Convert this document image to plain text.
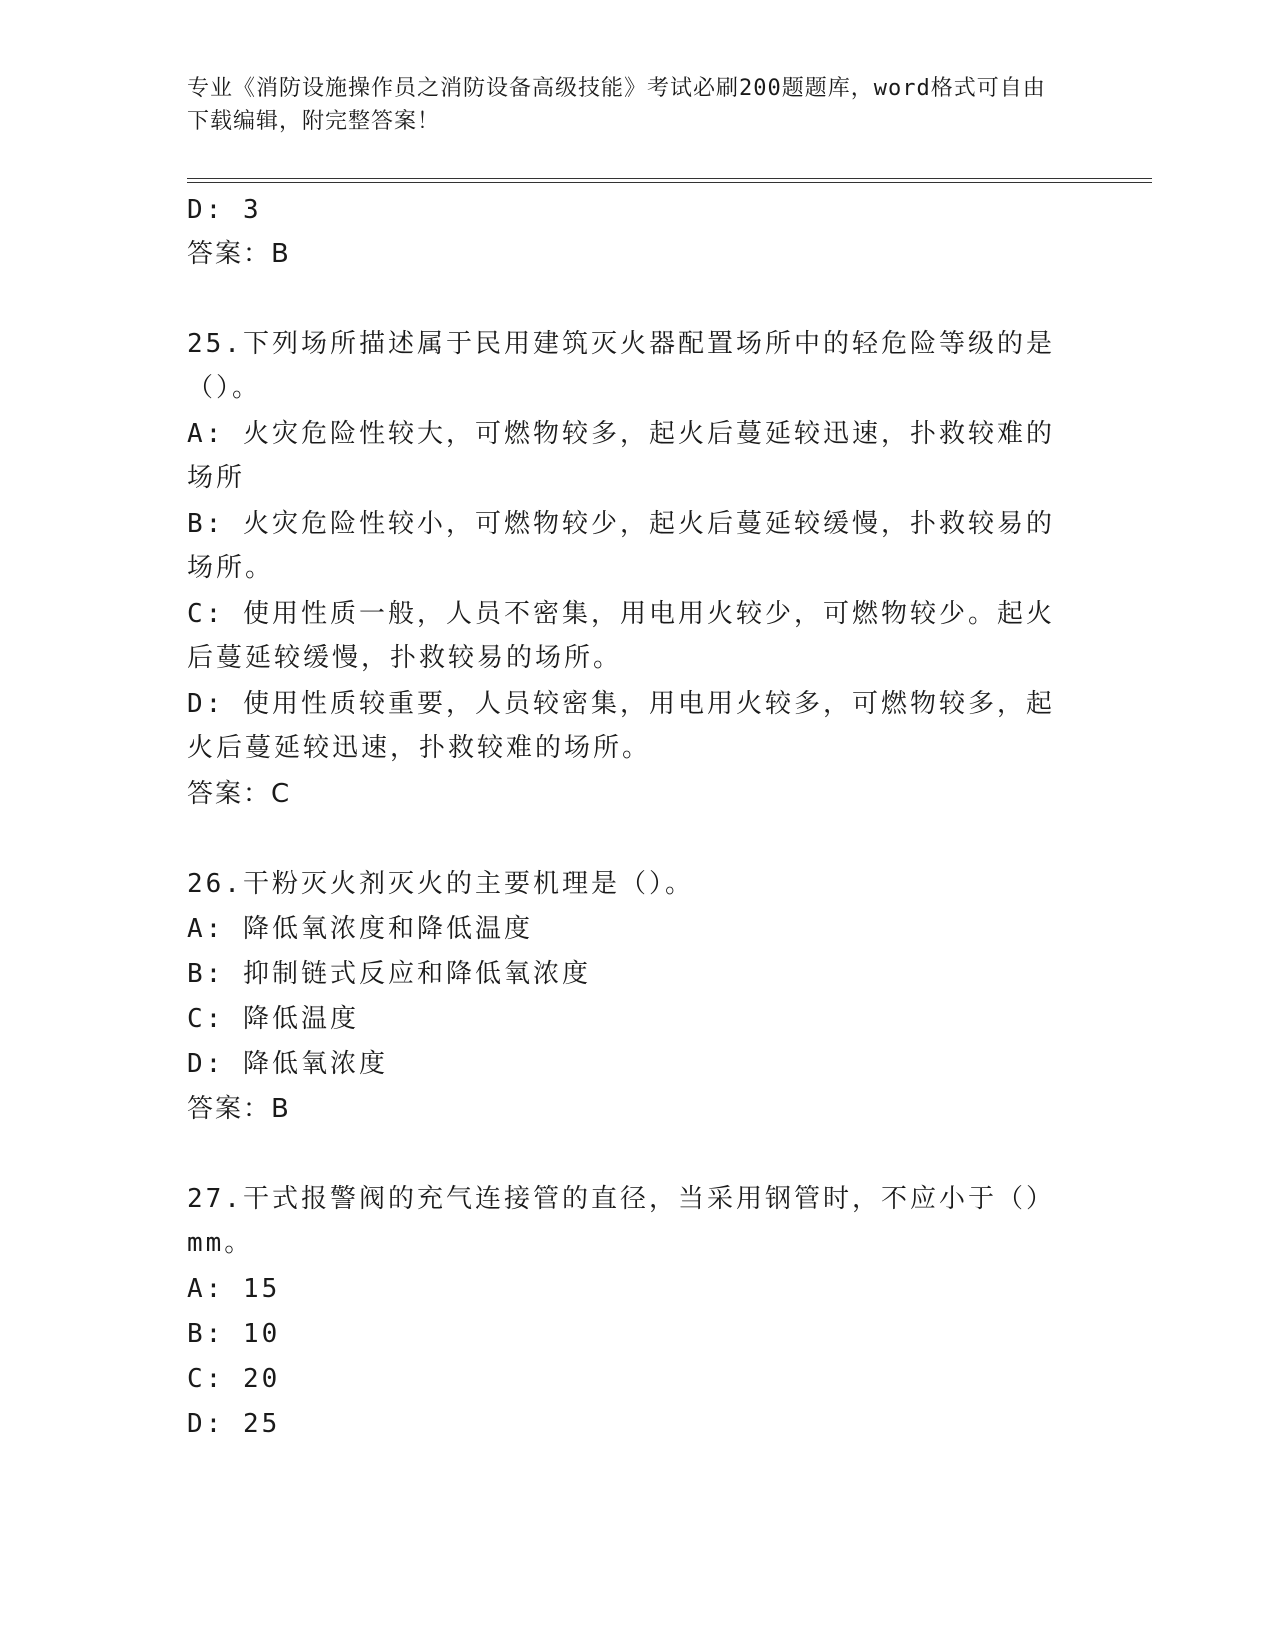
专业《消防设施操作员之消防设备高级技能》考试必刷200题题库，word格式可自由下载编辑，附完整答案！
D: 3
答案：B
25.下列场所描述属于民用建筑灭火器配置场所中的轻危险等级的是（）。
A: 火灾危险性较大，可燃物较多，起火后蔓延较迅速，扑救较难的场所
B: 火灾危险性较小，可燃物较少，起火后蔓延较缓慢，扑救较易的场所。
C: 使用性质一般，人员不密集，用电用火较少，可燃物较少。起火后蔓延较缓慢，扑救较易的场所。
D: 使用性质较重要，人员较密集，用电用火较多，可燃物较多，起火后蔓延较迅速，扑救较难的场所。
答案：C
26.干粉灭火剂灭火的主要机理是（）。
A: 降低氧浓度和降低温度
B: 抑制链式反应和降低氧浓度
C: 降低温度
D: 降低氧浓度
答案：B
27.干式报警阀的充气连接管的直径，当采用钢管时，不应小于（）mm。
A: 15
B: 10
C: 20
D: 25
